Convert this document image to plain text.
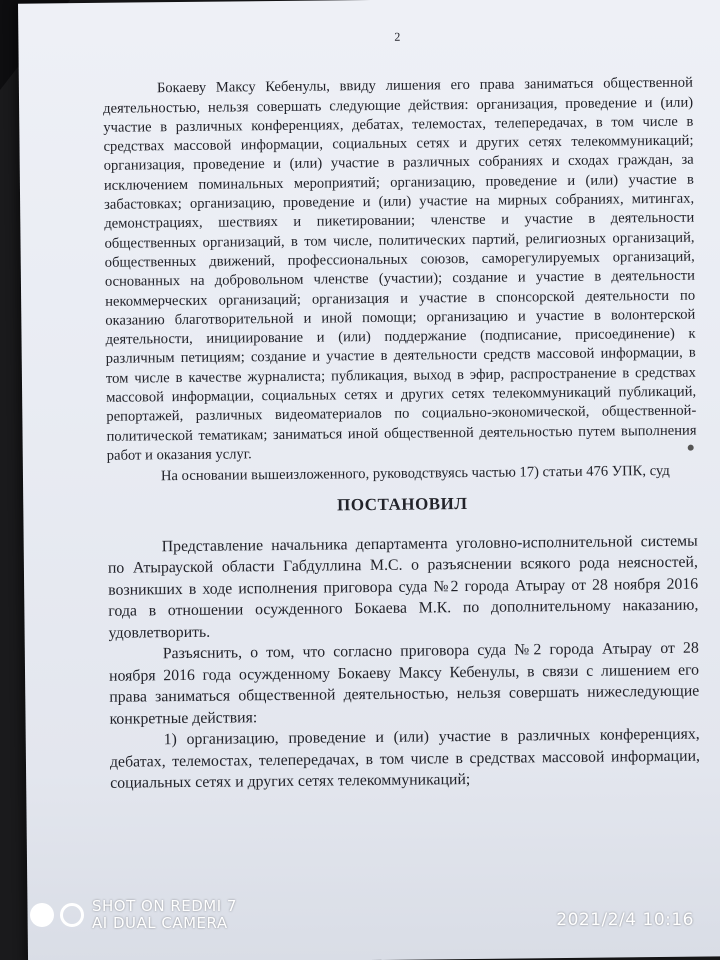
2

Бокаеву Максу Кебенулы, ввиду лишения его права заниматься общественной деятельностью, нельзя совершать следующие действия: организация, проведение и (или) участие в различных конференциях, дебатах, телемостах, телепередачах, в том числе в средствах массовой информации, социальных сетях и других сетях телекоммуникаций; организация, проведение и (или) участие в различных собраниях и сходах граждан, за исключением поминальных мероприятий; организацию, проведение и (или) участие в забастовках; организацию, проведение и (или) участие на мирных собраниях, митингах, демонстрациях, шествиях и пикетировании; членстве и участие в деятельности общественных организаций, в том числе, политических партий, религиозных организаций, общественных движений, профессиональных союзов, саморегулируемых организаций, основанных на добровольном членстве (участии); создание и участие в деятельности некоммерческих организаций; организация и участие в спонсорской деятельности по оказанию благотворительной и иной помощи; организацию и участие в волонтерской деятельности, инициирование и (или) поддержание (подписание, присоединение) к различным петициям; создание и участие в деятельности средств массовой информации, в том числе в качестве журналиста; публикация, выход в эфир, распространение в средствах массовой информации, социальных сетях и других сетях телекоммуникаций публикаций, репортажей, различных видеоматериалов по социально-экономической, общественной-политической тематикам; заниматься иной общественной деятельностью путем выполнения работ и оказания услуг.

На основании вышеизложенного, руководствуясь частью 17) статьи 476 УПК, суд

ПОСТАНОВИЛ

Представление начальника департамента уголовно-исполнительной системы по Атырауской области Габдуллина М.С. о разъяснении всякого рода неясностей, возникших в ходе исполнения приговора суда №2 города Атырау от 28 ноября 2016 года в отношении осужденного Бокаева М.К. по дополнительному наказанию, удовлетворить.

Разъяснить, о том, что согласно приговора суда №2 города Атырау от 28 ноября 2016 года осужденному Бокаеву Максу Кебенулы, в связи с лишением его права заниматься общественной деятельностью, нельзя совершать нижеследующие конкретные действия:

1) организацию, проведение и (или) участие в различных конференциях, дебатах, телемостах, телепередачах, в том числе в средствах массовой информации, социальных сетях и других сетях телекоммуникаций;

SHOT ON REDMI 7
AI DUAL CAMERA	2021/2/4 10:16
